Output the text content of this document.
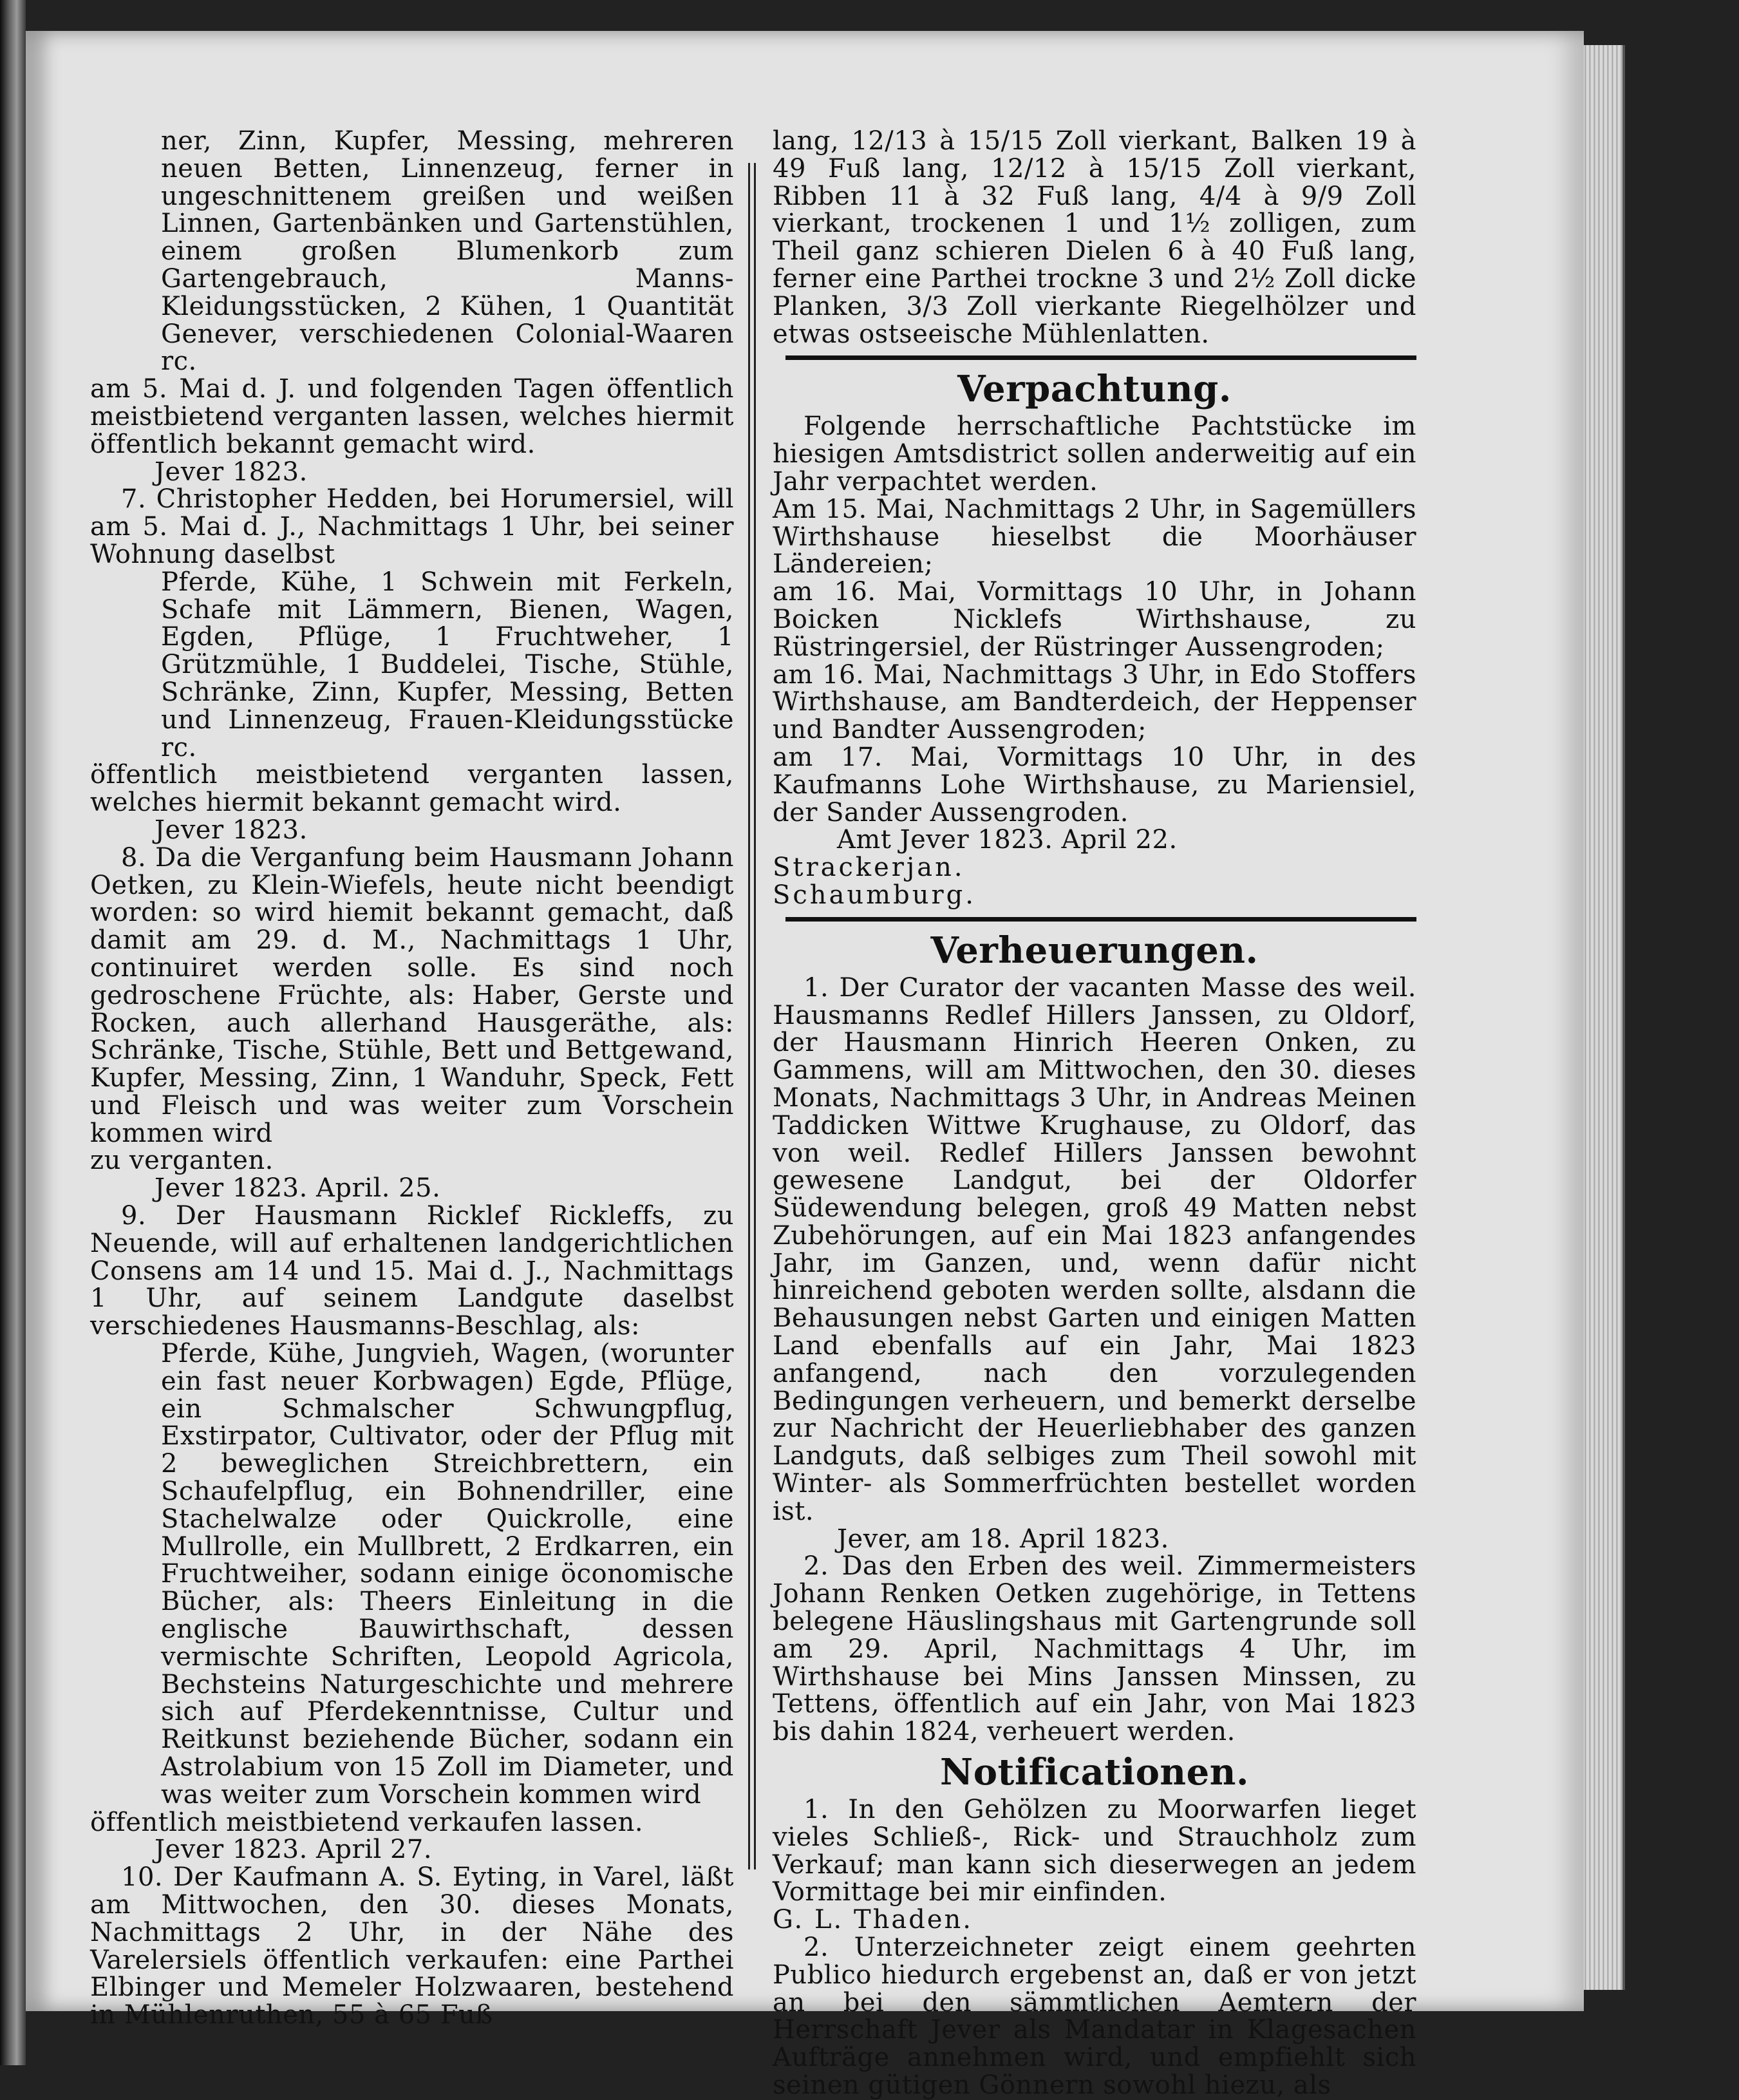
ner, Zinn, Kupfer, Messing, mehreren neuen Betten, Linnenzeug, ferner in ungeschnittenem greißen und weißen Linnen, Gartenbänken und Gartenstühlen, einem großen Blumenkorb zum Gartengebrauch, Manns-Kleidungsstücken, 2 Kühen, 1 Quantität Genever, verschiedenen Colonial-Waaren rc.

am 5. Mai d. J. und folgenden Tagen öffentlich meistbietend verganten lassen, welches hiermit öffentlich bekannt gemacht wird.

Jever 1823.

7. Christopher Hedden, bei Horumersiel, will am 5. Mai d. J., Nachmittags 1 Uhr, bei seiner Wohnung daselbst

Pferde, Kühe, 1 Schwein mit Ferkeln, Schafe mit Lämmern, Bienen, Wagen, Egden, Pflüge, 1 Fruchtweher, 1 Grützmühle, 1 Buddelei, Tische, Stühle, Schränke, Zinn, Kupfer, Messing, Betten und Linnenzeug, Frauen-Kleidungsstücke rc.

öffentlich meistbietend verganten lassen, welches hiermit bekannt gemacht wird.

Jever 1823.

8. Da die Verganfung beim Hausmann Johann Oetken, zu Klein-Wiefels, heute nicht beendigt worden: so wird hiemit bekannt gemacht, daß damit am 29. d. M., Nachmittags 1 Uhr, continuiret werden solle. Es sind noch gedroschene Früchte, als: Haber, Gerste und Rocken, auch allerhand Hausgeräthe, als: Schränke, Tische, Stühle, Bett und Bettgewand, Kupfer, Messing, Zinn, 1 Wanduhr, Speck, Fett und Fleisch und was weiter zum Vorschein kommen wird

zu verganten.

Jever 1823. April. 25.

9. Der Hausmann Ricklef Rickleffs, zu Neuende, will auf erhaltenen landgerichtlichen Consens am 14 und 15. Mai d. J., Nachmittags 1 Uhr, auf seinem Landgute daselbst verschiedenes Hausmanns-Beschlag, als:

Pferde, Kühe, Jungvieh, Wagen, (worunter ein fast neuer Korbwagen) Egde, Pflüge, ein Schmalscher Schwungpflug, Exstirpator, Cultivator, oder der Pflug mit 2 beweglichen Streichbrettern, ein Schaufelpflug, ein Bohnendriller, eine Stachelwalze oder Quickrolle, eine Mullrolle, ein Mullbrett, 2 Erdkarren, ein Fruchtweiher, sodann einige öconomische Bücher, als: Theers Einleitung in die englische Bauwirthschaft, dessen vermischte Schriften, Leopold Agricola, Bechsteins Naturgeschichte und mehrere sich auf Pferdekenntnisse, Cultur und Reitkunst beziehende Bücher, sodann ein Astrolabium von 15 Zoll im Diameter, und was weiter zum Vorschein kommen wird

öffentlich meistbietend verkaufen lassen.

Jever 1823. April 27.

10. Der Kaufmann A. S. Eyting, in Varel, läßt am Mittwochen, den 30. dieses Monats, Nachmittags 2 Uhr, in der Nähe des Varelersiels öffentlich verkaufen: eine Parthei Elbinger und Memeler Holzwaaren, bestehend in Mühlenruthen, 55 à 65 Fuß

lang, 12/13 à 15/15 Zoll vierkant, Balken 19 à 49 Fuß lang, 12/12 à 15/15 Zoll vierkant, Ribben 11 à 32 Fuß lang, 4/4 à 9/9 Zoll vierkant, trockenen 1 und 1½ zolligen, zum Theil ganz schieren Dielen 6 à 40 Fuß lang, ferner eine Parthei trockne 3 und 2½ Zoll dicke Planken, 3/3 Zoll vierkante Riegelhölzer und etwas ostseeische Mühlenlatten.

Verpachtung.

Folgende herrschaftliche Pachtstücke im hiesigen Amtsdistrict sollen anderweitig auf ein Jahr verpachtet werden.

Am 15. Mai, Nachmittags 2 Uhr, in Sagemüllers Wirthshause hieselbst die Moorhäuser Ländereien;

am 16. Mai, Vormittags 10 Uhr, in Johann Boicken Nicklefs Wirthshause, zu Rüstringersiel, der Rüstringer Aussengroden;

am 16. Mai, Nachmittags 3 Uhr, in Edo Stoffers Wirthshause, am Bandterdeich, der Heppenser und Bandter Aussengroden;

am 17. Mai, Vormittags 10 Uhr, in des Kaufmanns Lohe Wirthshause, zu Mariensiel, der Sander Aussengroden.

Amt Jever 1823. April 22.

Strackerjan.

Schaumburg.

Verheuerungen.

1. Der Curator der vacanten Masse des weil. Hausmanns Redlef Hillers Janssen, zu Oldorf, der Hausmann Hinrich Heeren Onken, zu Gammens, will am Mittwochen, den 30. dieses Monats, Nachmittags 3 Uhr, in Andreas Meinen Taddicken Wittwe Krughause, zu Oldorf, das von weil. Redlef Hillers Janssen bewohnt gewesene Landgut, bei der Oldorfer Südewendung belegen, groß 49 Matten nebst Zubehörungen, auf ein Mai 1823 anfangendes Jahr, im Ganzen, und, wenn dafür nicht hinreichend geboten werden sollte, alsdann die Behausungen nebst Garten und einigen Matten Land ebenfalls auf ein Jahr, Mai 1823 anfangend, nach den vorzulegenden Bedingungen verheuern, und bemerkt derselbe zur Nachricht der Heuerliebhaber des ganzen Landguts, daß selbiges zum Theil sowohl mit Winter- als Sommerfrüchten bestellet worden ist.

Jever, am 18. April 1823.

2. Das den Erben des weil. Zimmermeisters Johann Renken Oetken zugehörige, in Tettens belegene Häuslingshaus mit Gartengrunde soll am 29. April, Nachmittags 4 Uhr, im Wirthshause bei Mins Janssen Minssen, zu Tettens, öffentlich auf ein Jahr, von Mai 1823 bis dahin 1824, verheuert werden.

Notificationen.

1. In den Gehölzen zu Moorwarfen lieget vieles Schließ-, Rick- und Strauchholz zum Verkauf; man kann sich dieserwegen an jedem Vormittage bei mir einfinden.

G. L. Thaden.

2. Unterzeichneter zeigt einem geehrten Publico hiedurch ergebenst an, daß er von jetzt an bei den sämmtlichen Aemtern der Herrschaft Jever als Mandatar in Klagesachen Aufträge annehmen wird, und empfiehlt sich seinen gütigen Gönnern sowohl hiezu, als
